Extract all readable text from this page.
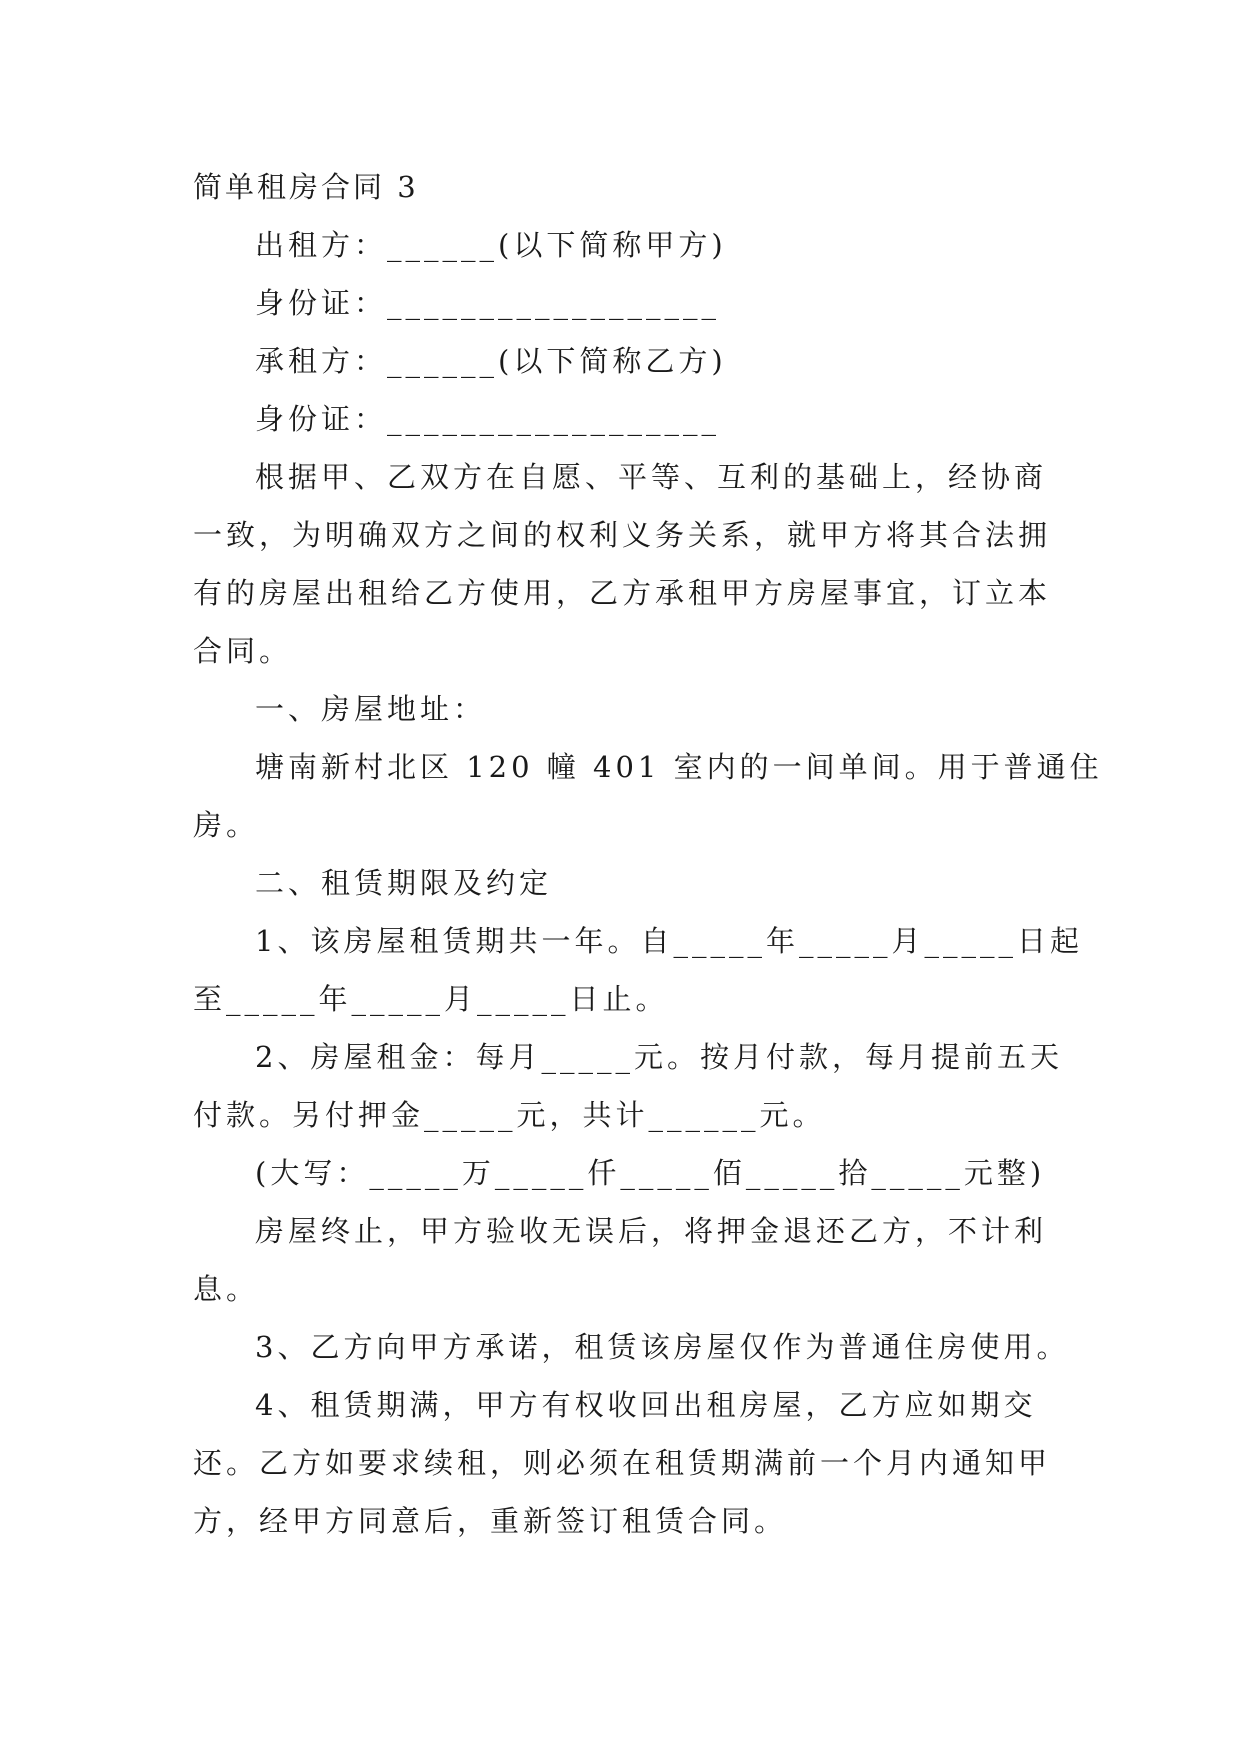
简单租房合同 3

出租方：______(以下简称甲方)

身份证：__________________

承租方：______(以下简称乙方)

身份证：__________________

根据甲、乙双方在自愿、平等、互利的基础上，经协商

一致，为明确双方之间的权利义务关系，就甲方将其合法拥

有的房屋出租给乙方使用，乙方承租甲方房屋事宜，订立本

合同。

一、房屋地址：

塘南新村北区 120 幢 401 室内的一间单间。用于普通住

房。

二、租赁期限及约定

1、该房屋租赁期共一年。自_____年_____月_____日起

至_____年_____月_____日止。

2、房屋租金：每月_____元。按月付款，每月提前五天

付款。另付押金_____元，共计______元。

(大写：_____万_____仟_____佰_____拾_____元整)

房屋终止，甲方验收无误后，将押金退还乙方，不计利

息。

3、乙方向甲方承诺，租赁该房屋仅作为普通住房使用。

4、租赁期满，甲方有权收回出租房屋，乙方应如期交

还。乙方如要求续租，则必须在租赁期满前一个月内通知甲

方，经甲方同意后，重新签订租赁合同。
